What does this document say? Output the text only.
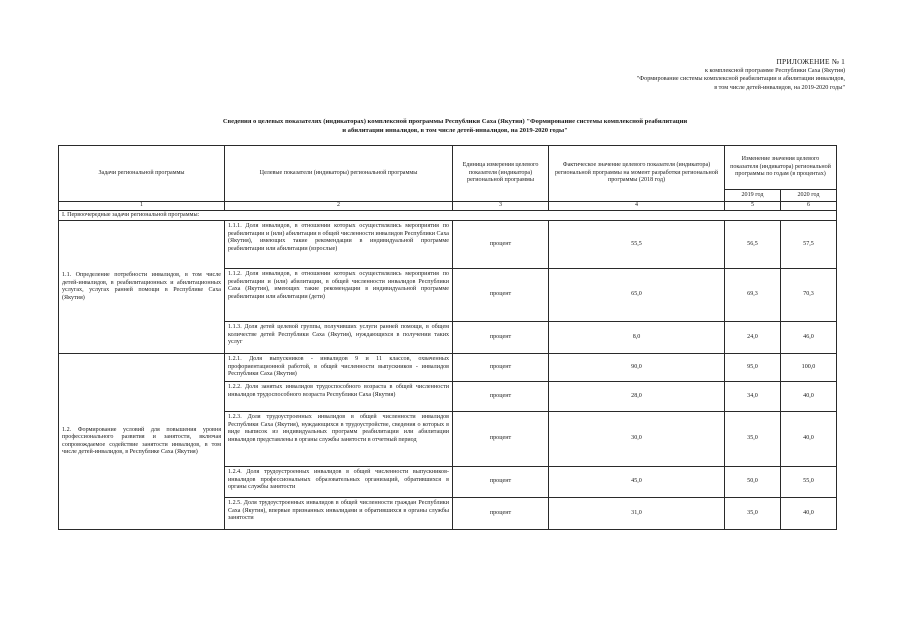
ПРИЛОЖЕНИЕ № 1
к комплексной программе Республики Саха (Якутия)
"Формирование системы комплексной реабилитации и абилитации инвалидов,
в том числе детей-инвалидов, на 2019-2020 годы"
Сведения о целевых показателях (индикаторах) комплексной программы Республики Саха (Якутия) "Формирование системы комплексной реабилитации
и абилитации инвалидов, в том числе детей-инвалидов, на 2019-2020 годы"
Задачи региональной программы	Целевые показатели (индикаторы) региональной программы	Единица измерения целевого показателя (индикатора) региональной программы	Фактическое значение целевого показателя (индикатора) региональной программы на момент разработки региональной программы (2018 год)	Изменение значения целевого показателя (индикатора) региональной программы по годам (в процентах)	
				2019 год	2020 год
1	2	3	4	5	6
I. Первоочередные задачи региональной программы:					
1.1. Определение потребности инвалидов, в том числе детей-инвалидов, в реабилитационных и абилитационных услугах, услугах ранней помощи в Республике Саха (Якутия)	1.1.1. Доля инвалидов, в отношении которых осуществлялись мероприятия по реабилитации и (или) абилитации в общей численности инвалидов Республики Саха (Якутия), имеющих такие рекомендации в индивидуальной программе реабилитации или абилитации (взрослые)	процент	55,5	56,5	57,5
	1.1.2. Доля инвалидов, в отношении которых осуществлялись мероприятия по реабилитации и (или) абилитации, в общей численности инвалидов Республики Саха (Якутия), имеющих такие рекомендации в индивидуальной программе реабилитации или абилитации (дети)	процент	65,0	69,3	70,3
	1.1.3. Доля детей целевой группы, получивших услуги ранней помощи, в общем количестве детей Республики Саха (Якутия), нуждающихся в получении таких услуг	процент	8,0	24,0	46,0
1.2. Формирование условий для повышения уровня профессионального развития и занятости, включая сопровождаемое содействие занятости инвалидов, в том числе детей-инвалидов, в Республике Саха (Якутия)	1.2.1. Доля выпускников - инвалидов 9 и 11 классов, охваченных профориентационной работой, в общей численности выпускников - инвалидов Республики Саха (Якутия)	процент	90,0	95,0	100,0
	1.2.2. Доля занятых инвалидов трудоспособного возраста в общей численности инвалидов трудоспособного возраста Республики Саха (Якутия)	процент	28,0	34,0	40,0
	1.2.3. Доля трудоустроенных инвалидов в общей численности инвалидов Республики Саха (Якутия), нуждающихся в трудоустройстве, сведения о которых в виде выписок из индивидуальных программ реабилитации или абилитации инвалидов представлены в органы службы занятости в отчетный период	процент	30,0	35,0	40,0
	1.2.4. Доля трудоустроенных инвалидов в общей численности выпускников-инвалидов профессиональных образовательных организаций, обратившихся в органы службы занятости	процент	45,0	50,0	55,0
	1.2.5. Доля трудоустроенных инвалидов в общей численности граждан Республики Саха (Якутия), впервые признанных инвалидами и обратившихся в органы службы занятости	процент	31,0	35,0	40,0
